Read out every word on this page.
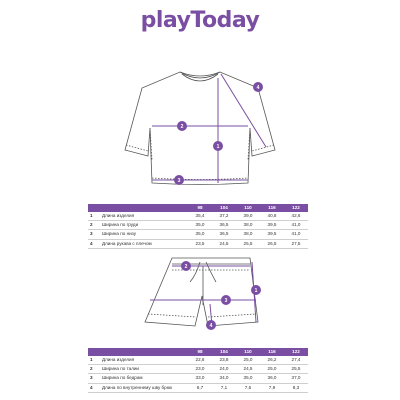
playToday
1
2
3
4
1
2
3
4
		98	104	110	116	122
1	Длина изделия	35,4	37,2	39,0	40,8	42,6
2	Ширина по груди	35,0	36,5	38,0	39,5	41,0
3	Ширина по низу	35,0	36,5	38,0	39,5	41,0
4	Длина рукава с плечом	23,5	24,5	25,5	26,5	27,5
		98	104	110	116	122
1	Длина изделия	22,6	23,8	25,0	26,2	27,4
2	Ширина по талии	23,0	24,0	24,5	25,0	25,5
3	Ширина по бедрам	33,0	34,0	35,0	36,0	37,0
4	Длина по внутреннему шву брюк	6,7	7,1	7,5	7,9	8,3
